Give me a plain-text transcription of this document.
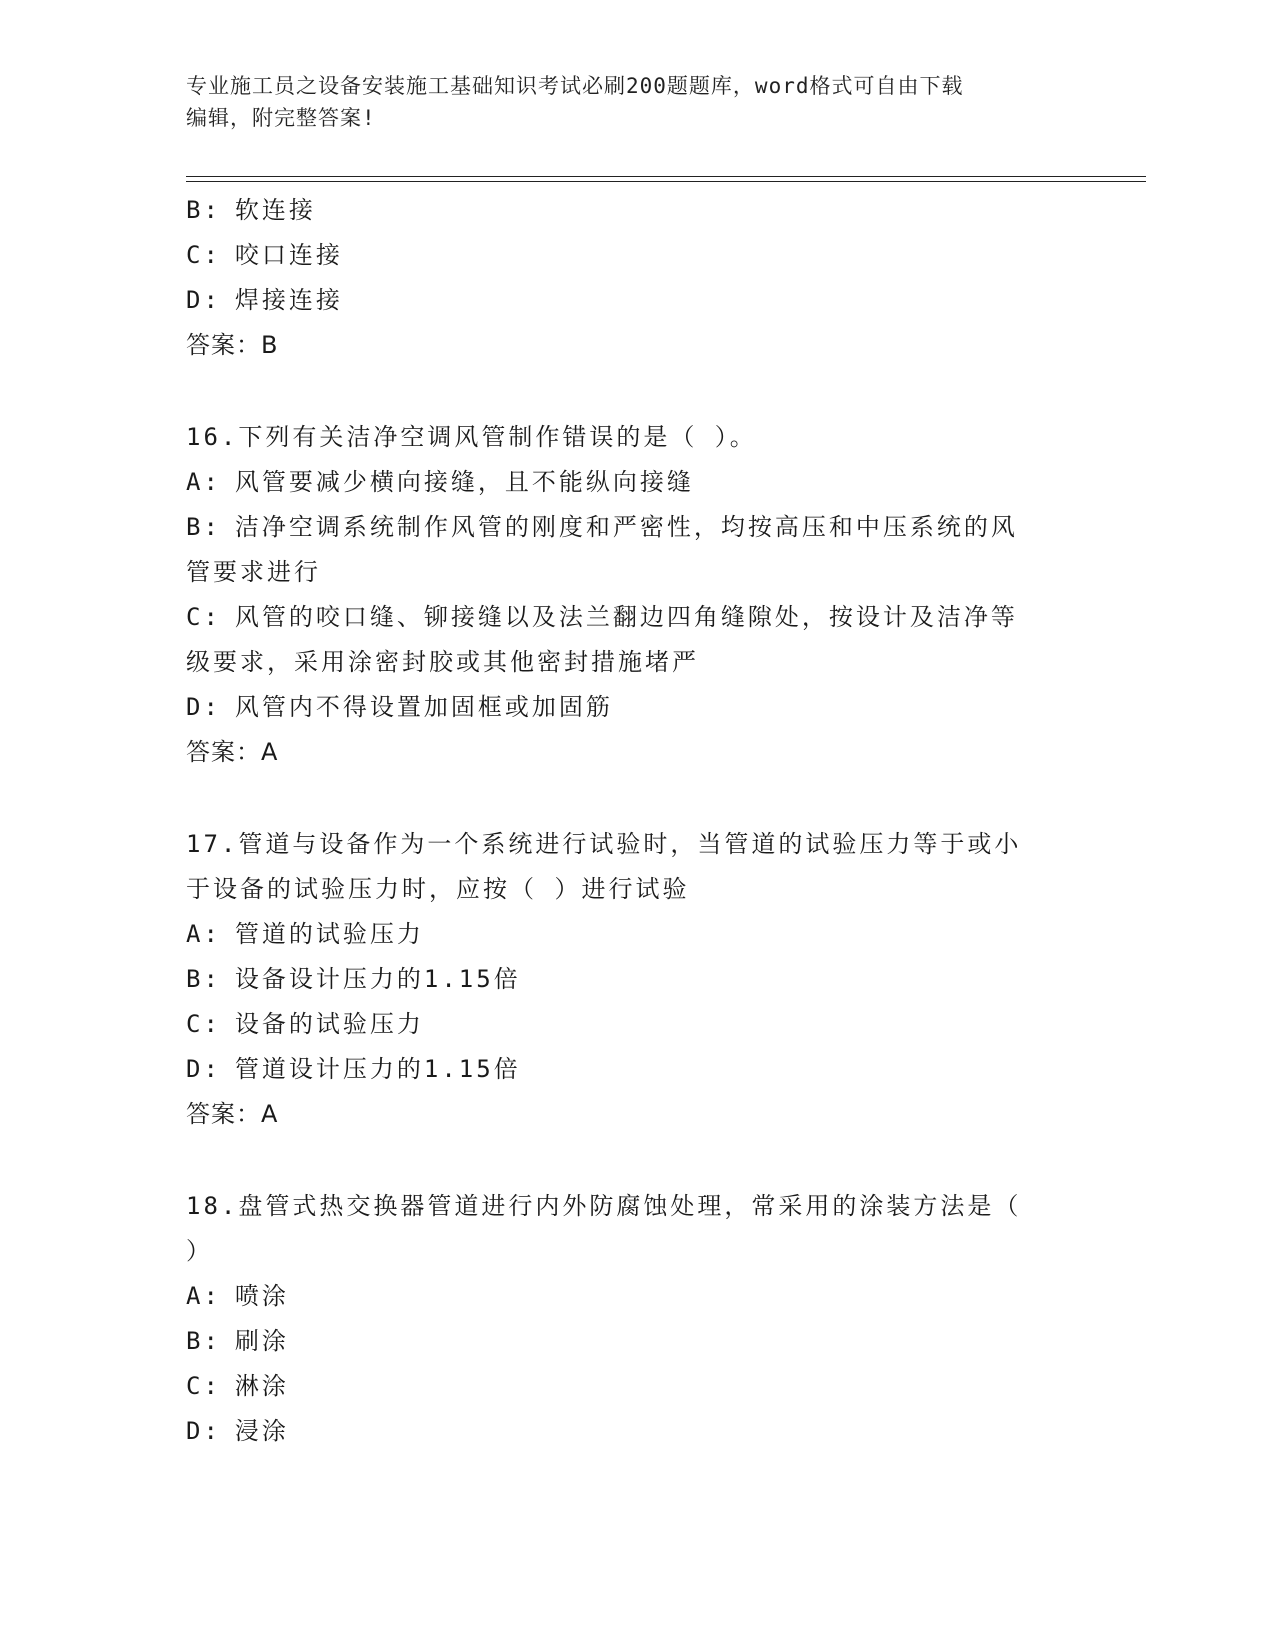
专业施工员之设备安装施工基础知识考试必刷200题题库，word格式可自由下载
编辑，附完整答案!
B: 软连接
C: 咬口连接
D: 焊接连接
答案：B
16.下列有关洁净空调风管制作错误的是（ ）。
A: 风管要减少横向接缝，且不能纵向接缝
B: 洁净空调系统制作风管的刚度和严密性，均按高压和中压系统的风
管要求进行
C: 风管的咬口缝、铆接缝以及法兰翻边四角缝隙处，按设计及洁净等
级要求，采用涂密封胶或其他密封措施堵严
D: 风管内不得设置加固框或加固筋
答案：A
17.管道与设备作为一个系统进行试验时，当管道的试验压力等于或小
于设备的试验压力时，应按（ ）进行试验
A: 管道的试验压力
B: 设备设计压力的1.15倍
C: 设备的试验压力
D: 管道设计压力的1.15倍
答案：A
18.盘管式热交换器管道进行内外防腐蚀处理，常采用的涂装方法是（
）
A: 喷涂
B: 刷涂
C: 淋涂
D: 浸涂
